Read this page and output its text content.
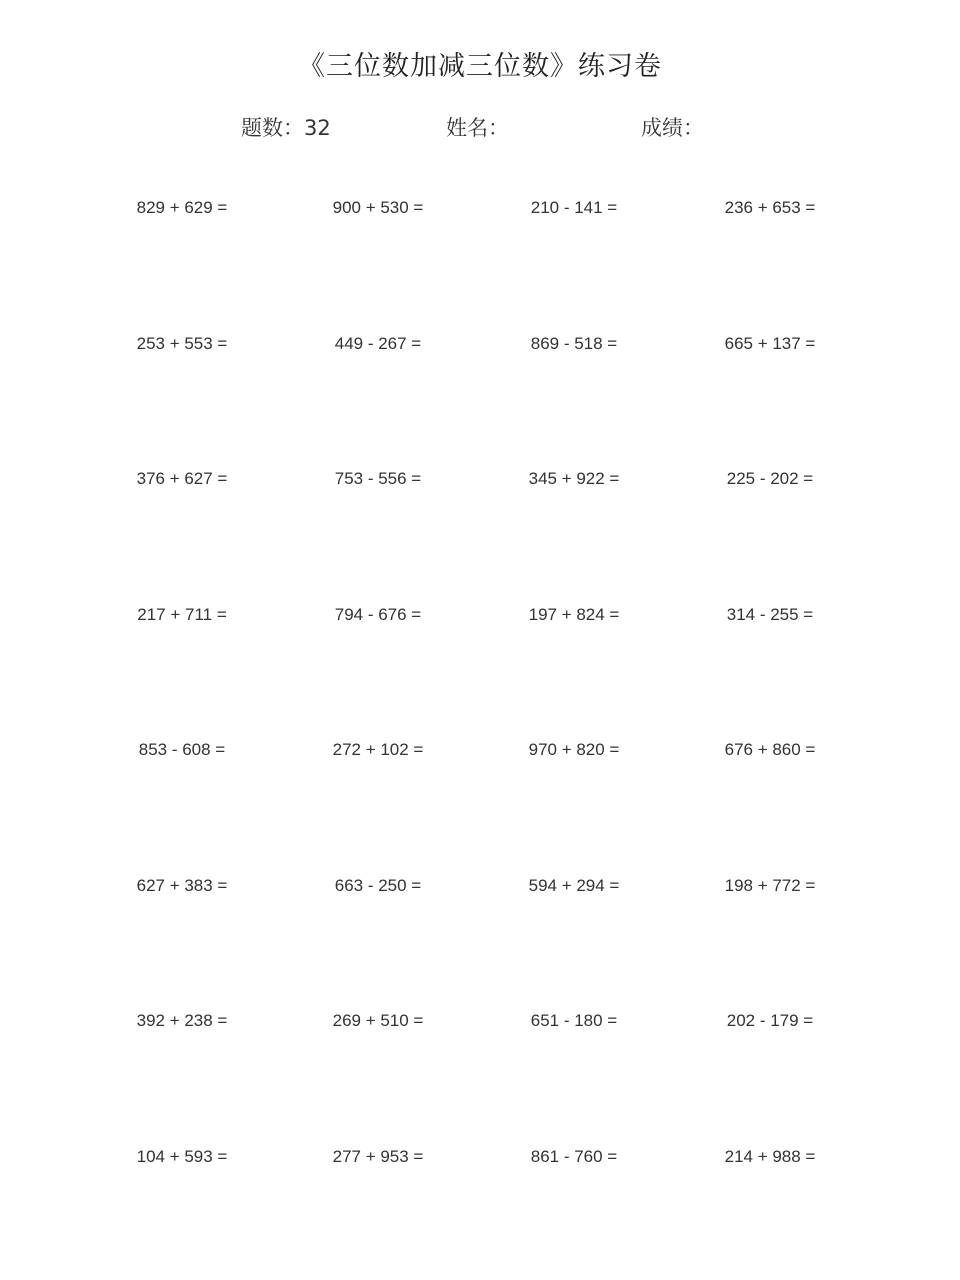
《三位数加减三位数》练习卷
题数：32	姓名：	成绩：
829 + 629 =	900 + 530 =	210 - 141 =	236 + 653 =
253 + 553 =	449 - 267 =	869 - 518 =	665 + 137 =
376 + 627 =	753 - 556 =	345 + 922 =	225 - 202 =
217 + 711 =	794 - 676 =	197 + 824 =	314 - 255 =
853 - 608 =	272 + 102 =	970 + 820 =	676 + 860 =
627 + 383 =	663 - 250 =	594 + 294 =	198 + 772 =
392 + 238 =	269 + 510 =	651 - 180 =	202 - 179 =
104 + 593 =	277 + 953 =	861 - 760 =	214 + 988 =
